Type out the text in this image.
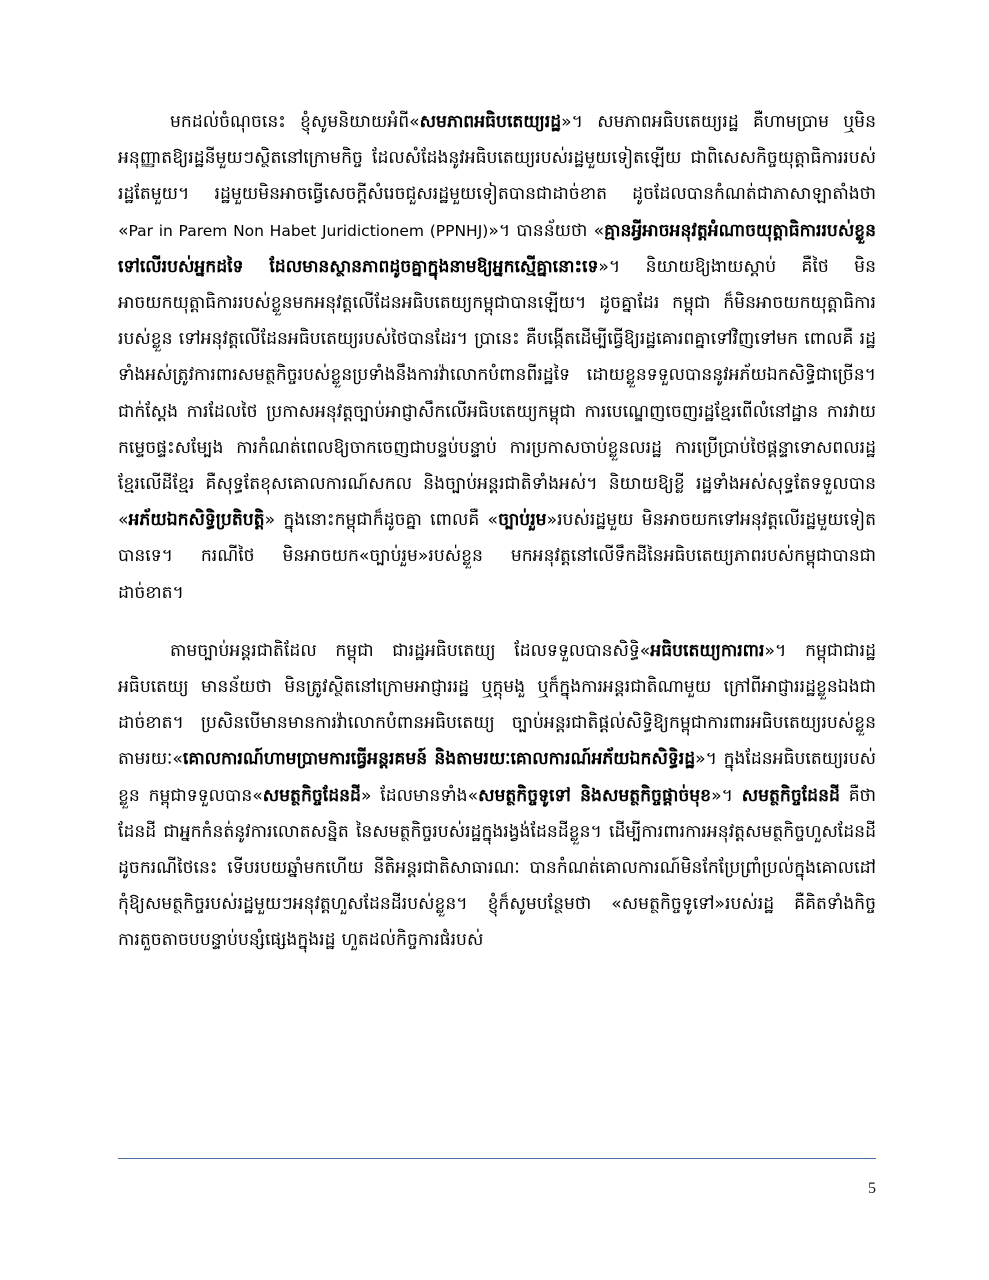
មកដល់ចំណុចនេះ ខ្ញុំសូមនិយាយអំពី«សមភាពអធិបតេយ្យរដ្ឋ»។ សមភាពអធិបតេយ្យរដ្ឋ គឺហាមប្រាម ឬមិនអនុញ្ញាតឱ្យរដ្ឋនីមួយៗស្ថិតនៅក្រោមកិច្ច ដែលសំដែងនូវអធិបតេយ្យរបស់រដ្ឋមួយទៀតឡើយ ជាពិសេសកិច្ចយុត្តាធិការរបស់រដ្ឋតែមួយ។ រដ្ឋមួយមិនអាចធ្វើសេចក្តីសំរេចជួសរដ្ឋមួយទៀតបានជាដាច់ខាត ដូចដែលបានកំណត់ជាភាសាឡាតាំងថា «Par in Parem Non Habet Juridictionem (PPNHJ)»។ បានន័យថា «គ្មានអ្វីអាចអនុវត្តអំណាចយុត្តាធិការរបស់ខ្លួន ទៅលើរបស់អ្នកដទៃ ដែលមានស្ថានភាពដូចគ្នាក្នុងនាមឱ្យអ្នកស្មើគ្នានោះទេ»។ និយាយឱ្យងាយស្តាប់ គឺថៃ មិនអាចយកយុត្តាធិការរបស់ខ្លួនមកអនុវត្តលើដែនអធិបតេយ្យកម្ពុជាបានឡើយ។ ដូចគ្នាដែរ កម្ពុជា ក៏មិនអាចយកយុត្តាធិការរបស់ខ្លួន ទៅអនុវត្តលើដែនអធិបតេយ្យរបស់ថៃបានដែរ។ ប្រានេះ គឺបង្កើតដើម្បីធ្វើឱ្យរដ្ឋគោរពគ្នាទៅវិញទៅមក ពោលគឺ រដ្ឋទាំងអស់ត្រូវការពារសមត្ថកិច្ចរបស់ខ្លួនប្រទាំងនឹងការវ៉ាលោកបំពានពីរដ្ឋទៃ ដោយខ្លួនទទួលបាននូវអភ័យឯកសិទ្ធិជាច្រើន។ ជាក់ស្តែង ការដែលថៃ ប្រកាសអនុវត្តច្បាប់អាជ្ញាសឹកលើអធិបតេយ្យកម្ពុជា ការបេណ្ឌេញចេញរដ្ឋខ្មែរពើលំនៅដ្ឋាន ការវាយកម្ទេចផ្ទះសម្បែង ការកំណត់ពេលឱ្យចាកចេញជាបន្ទប់បន្ទាប់ ការប្រកាសចាប់ខ្លួនលរដ្ឋ ការប្រើប្រាប់ថៃផ្តន្ទាទោសពលរដ្ឋខ្មែរលើដីខ្មែរ គឺសុទ្ធតែខុសគោលការណ៍សកល និងច្បាប់អន្តរជាតិទាំងអស់។ និយាយឱ្យខ្លី រដ្ឋទាំងអស់សុទ្ធតែទទួលបាន «អភ័យឯកសិទ្ធិប្រតិបត្តិ» ក្នុងនោះកម្ពុជាក៏ដូចគ្នា ពោលគឺ «ច្បាប់រួម»របស់រដ្ឋមួយ មិនអាចយកទៅអនុវត្តលើរដ្ឋមួយទៀតបានទេ។ ករណីថៃ មិនអាចយក«ច្បាប់រួម»របស់ខ្លួន មកអនុវត្តនៅលើទឹកដីនៃអធិបតេយ្យភាពរបស់កម្ពុជាបានជាដាច់ខាត។

តាមច្បាប់អន្តរជាតិដែល កម្ពុជា ជារដ្ឋអធិបតេយ្យ ដែលទទួលបានសិទ្ធិ«អធិបតេយ្យការពារ»។ កម្ពុជាជារដ្ឋអធិបតេយ្យ មានន័យថា មិនត្រូវស្ថិតនៅក្រោមអាជ្ញាររដ្ឋ ឬក្តុមងួ ឬក៏ក្នុងការអន្តរជាតិណាមួយ ក្រៅពីអាជ្ញាររដ្ឋខ្លួនឯងជាដាច់ខាត។ ប្រសិនបើមានមានការវ៉ាលោកបំពានអធិបតេយ្យ ច្បាប់អន្តរជាតិផ្តល់សិទ្ធិឱ្យកម្ពុជាការពារអធិបតេយ្យរបស់ខ្លួន តាមរយៈ«គោលការណ៍ហាមប្រាមការធ្វើអន្តរគមន៍ និងតាមរយៈគោលការណ៍អភ័យឯកសិទ្ធិរដ្ឋ»។ ក្នុងដែនអធិបតេយ្យរបស់ខ្លួន កម្ពុជាទទួលបាន«សមត្ថកិច្ចដែនដី» ដែលមានទាំង«សមត្ថកិច្ចទូទៅ និងសមត្ថកិច្ចផ្តាច់មុខ»។ សមត្ថកិច្ចដែនដី គឺថា ដែនដី ជាអ្នកកំនត់នូវការលោតសន្និត នៃសមត្ថកិច្ចរបស់រដ្ឋក្នុងរង្វង់ដែនដីខ្លួន។ ដើម្បីការពារការអនុវត្តសមត្ថកិច្ចហួសដែនដី ដូចករណីថៃនេះ ទើបរបយឆ្នាំមកហើយ នីតិអន្តរជាតិសាធារណៈ បានកំណត់គោលការណ៍មិនកែប្រែព្រាំប្រល់ក្នុងគោលដៅកុំឱ្យសមត្ថកិច្ចរបស់រដ្ឋមួយៗអនុវត្តហួសដែនដីរបស់ខ្លួន។ ខ្ញុំក៏សូមបន្ថែមថា «សមត្ថកិច្ចទូទៅ»របស់រដ្ឋ គឺគិតទាំងកិច្ចការតួចតាចបបន្ទាប់បន្សំផ្សេងក្នុងរដ្ឋ ហួតដល់កិច្ចការផំរបស់

5
